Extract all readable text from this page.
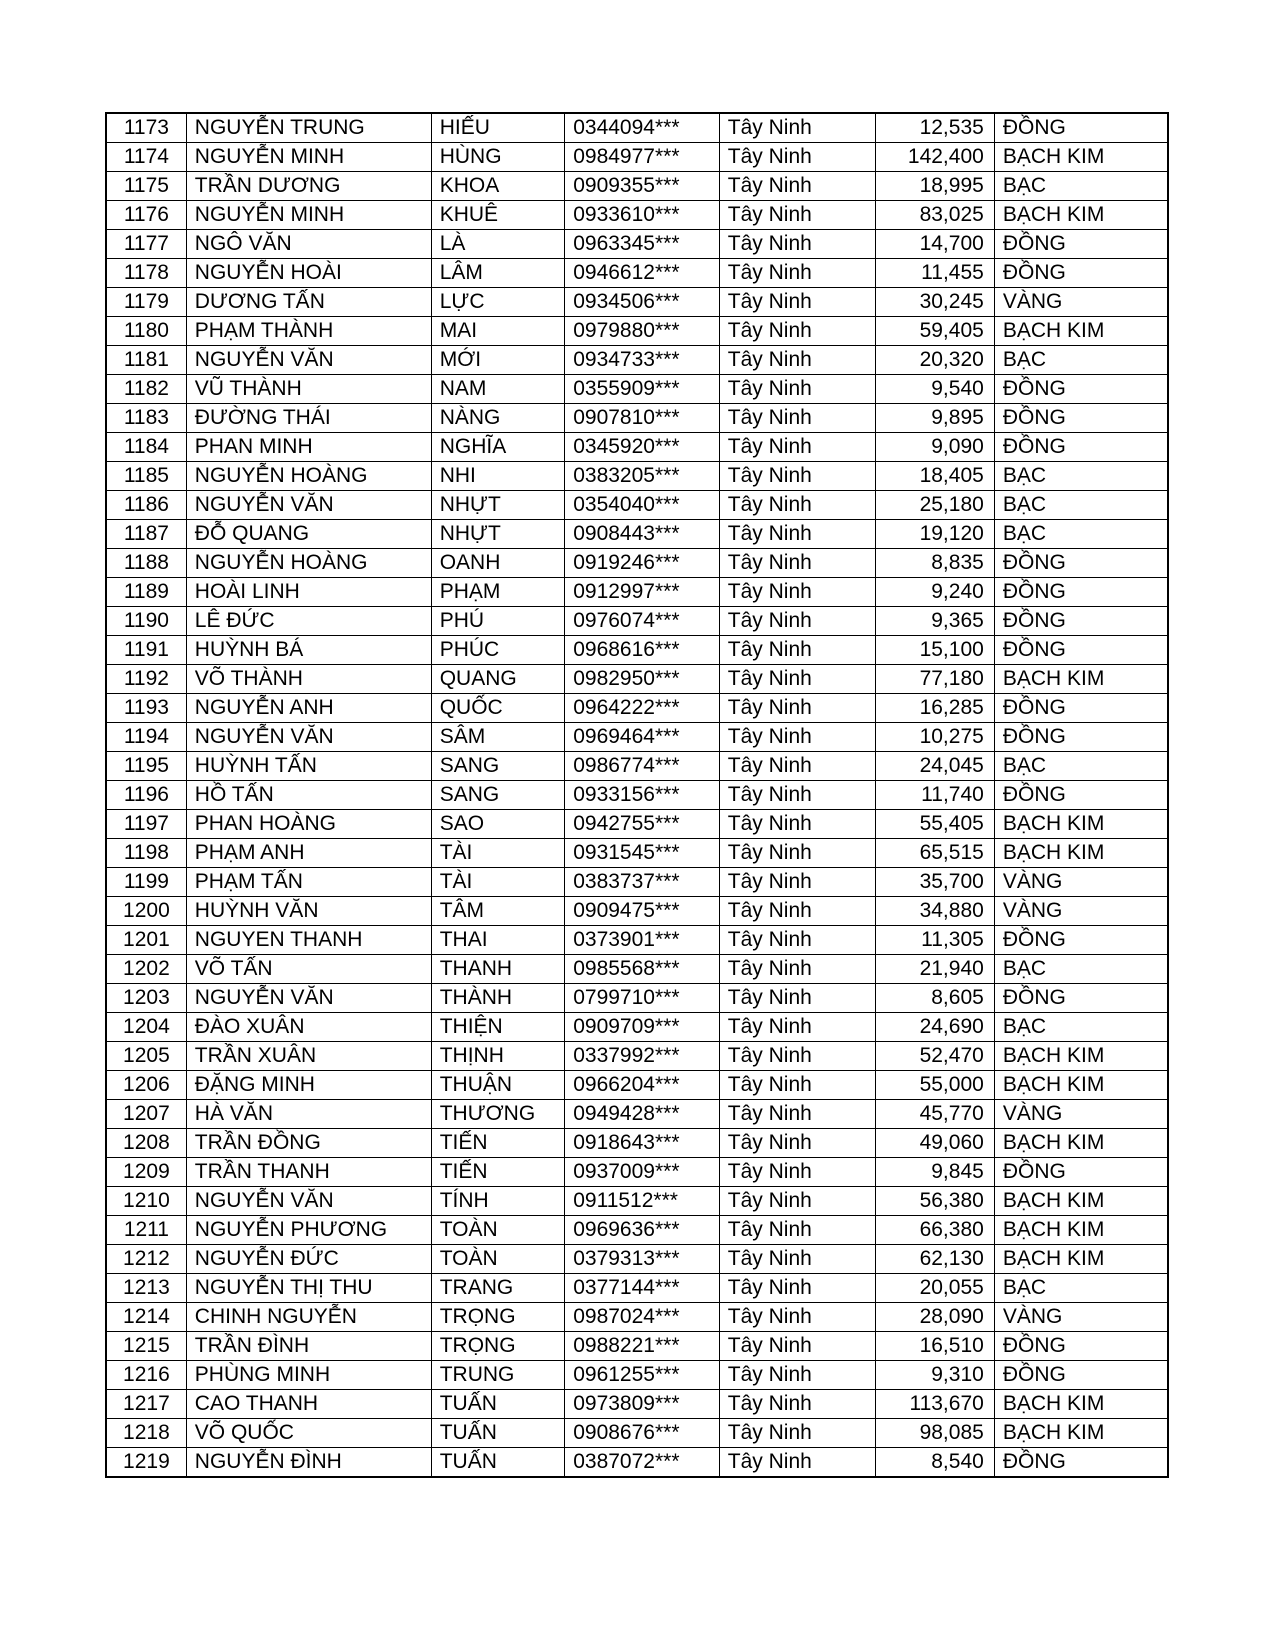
1173	NGUYỄN TRUNG	HIẾU	0344094***	Tây Ninh	12,535	ĐỒNG
1174	NGUYỄN MINH	HÙNG	0984977***	Tây Ninh	142,400	BẠCH KIM
1175	TRẦN DƯƠNG	KHOA	0909355***	Tây Ninh	18,995	BẠC
1176	NGUYỄN MINH	KHUÊ	0933610***	Tây Ninh	83,025	BẠCH KIM
1177	NGÔ VĂN	LÀ	0963345***	Tây Ninh	14,700	ĐỒNG
1178	NGUYỄN HOÀI	LÂM	0946612***	Tây Ninh	11,455	ĐỒNG
1179	DƯƠNG TẤN	LỰC	0934506***	Tây Ninh	30,245	VÀNG
1180	PHẠM THÀNH	MAI	0979880***	Tây Ninh	59,405	BẠCH KIM
1181	NGUYỄN VĂN	MỚI	0934733***	Tây Ninh	20,320	BẠC
1182	VŨ THÀNH	NAM	0355909***	Tây Ninh	9,540	ĐỒNG
1183	ĐƯỜNG THÁI	NÀNG	0907810***	Tây Ninh	9,895	ĐỒNG
1184	PHAN MINH	NGHĨA	0345920***	Tây Ninh	9,090	ĐỒNG
1185	NGUYỄN HOÀNG	NHI	0383205***	Tây Ninh	18,405	BẠC
1186	NGUYỄN VĂN	NHỰT	0354040***	Tây Ninh	25,180	BẠC
1187	ĐỖ QUANG	NHỰT	0908443***	Tây Ninh	19,120	BẠC
1188	NGUYỄN HOÀNG	OANH	0919246***	Tây Ninh	8,835	ĐỒNG
1189	HOÀI LINH	PHẠM	0912997***	Tây Ninh	9,240	ĐỒNG
1190	LÊ ĐỨC	PHÚ	0976074***	Tây Ninh	9,365	ĐỒNG
1191	HUỲNH BÁ	PHÚC	0968616***	Tây Ninh	15,100	ĐỒNG
1192	VÕ THÀNH	QUANG	0982950***	Tây Ninh	77,180	BẠCH KIM
1193	NGUYỄN ANH	QUỐC	0964222***	Tây Ninh	16,285	ĐỒNG
1194	NGUYỄN VĂN	SÂM	0969464***	Tây Ninh	10,275	ĐỒNG
1195	HUỲNH TẤN	SANG	0986774***	Tây Ninh	24,045	BẠC
1196	HỒ TẤN	SANG	0933156***	Tây Ninh	11,740	ĐỒNG
1197	PHAN HOÀNG	SAO	0942755***	Tây Ninh	55,405	BẠCH KIM
1198	PHẠM ANH	TÀI	0931545***	Tây Ninh	65,515	BẠCH KIM
1199	PHẠM TẤN	TÀI	0383737***	Tây Ninh	35,700	VÀNG
1200	HUỲNH VĂN	TÂM	0909475***	Tây Ninh	34,880	VÀNG
1201	NGUYEN THANH	THAI	0373901***	Tây Ninh	11,305	ĐỒNG
1202	VÕ TẤN	THANH	0985568***	Tây Ninh	21,940	BẠC
1203	NGUYỄN VĂN	THÀNH	0799710***	Tây Ninh	8,605	ĐỒNG
1204	ĐÀO XUÂN	THIỆN	0909709***	Tây Ninh	24,690	BẠC
1205	TRẦN XUÂN	THỊNH	0337992***	Tây Ninh	52,470	BẠCH KIM
1206	ĐẶNG MINH	THUẬN	0966204***	Tây Ninh	55,000	BẠCH KIM
1207	HÀ VĂN	THƯƠNG	0949428***	Tây Ninh	45,770	VÀNG
1208	TRẦN ĐỒNG	TIẾN	0918643***	Tây Ninh	49,060	BẠCH KIM
1209	TRẦN THANH	TIẾN	0937009***	Tây Ninh	9,845	ĐỒNG
1210	NGUYỄN VĂN	TÍNH	0911512***	Tây Ninh	56,380	BẠCH KIM
1211	NGUYỄN PHƯƠNG	TOÀN	0969636***	Tây Ninh	66,380	BẠCH KIM
1212	NGUYỄN ĐỨC	TOÀN	0379313***	Tây Ninh	62,130	BẠCH KIM
1213	NGUYỄN THỊ THU	TRANG	0377144***	Tây Ninh	20,055	BẠC
1214	CHINH NGUYỄN	TRỌNG	0987024***	Tây Ninh	28,090	VÀNG
1215	TRẦN ĐÌNH	TRỌNG	0988221***	Tây Ninh	16,510	ĐỒNG
1216	PHÙNG MINH	TRUNG	0961255***	Tây Ninh	9,310	ĐỒNG
1217	CAO THANH	TUẤN	0973809***	Tây Ninh	113,670	BẠCH KIM
1218	VÕ QUỐC	TUẤN	0908676***	Tây Ninh	98,085	BẠCH KIM
1219	NGUYỄN ĐÌNH	TUẤN	0387072***	Tây Ninh	8,540	ĐỒNG
